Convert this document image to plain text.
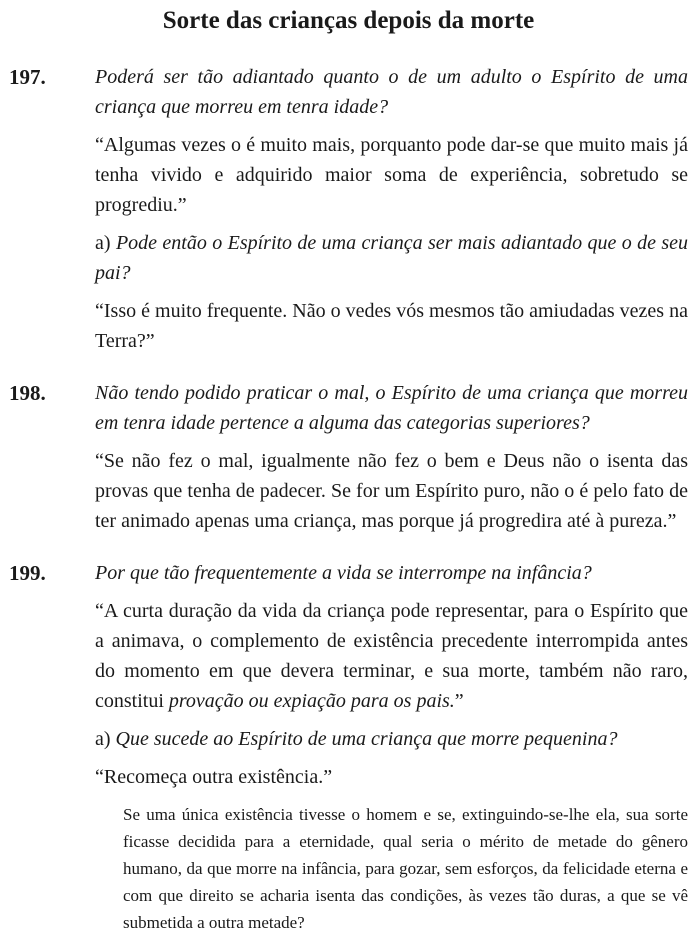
Sorte das crianças depois da morte
197. Poderá ser tão adiantado quanto o de um adulto o Espírito de uma criança que morreu em tenra idade?

“Algumas vezes o é muito mais, porquanto pode dar-se que muito mais já tenha vivido e adquirido maior soma de experiência, sobretudo se progrediu.”

a) Pode então o Espírito de uma criança ser mais adiantado que o de seu pai?

“Isso é muito frequente. Não o vedes vós mesmos tão amiudadas vezes na Terra?”

198. Não tendo podido praticar o mal, o Espírito de uma criança que morreu em tenra idade pertence a alguma das categorias superiores?

“Se não fez o mal, igualmente não fez o bem e Deus não o isenta das provas que tenha de padecer. Se for um Espírito puro, não o é pelo fato de ter animado apenas uma criança, mas porque já progredira até à pureza.”

199. Por que tão frequentemente a vida se interrompe na infância?

“A curta duração da vida da criança pode representar, para o Espírito que a animava, o complemento de existência precedente interrompida antes do momento em que devera terminar, e sua morte, também não raro, constitui provação ou expiação para os pais.”

a) Que sucede ao Espírito de uma criança que morre pequenina?

“Recomeça outra existência.”

Se uma única existência tivesse o homem e se, extinguindo-se-lhe ela, sua sorte ficasse decidida para a eternidade, qual seria o mérito de metade do gênero humano, da que morre na infância, para gozar, sem esforços, da felicidade eterna e com que direito se acharia isenta das condições, às vezes tão duras, a que se vê submetida a outra metade?
